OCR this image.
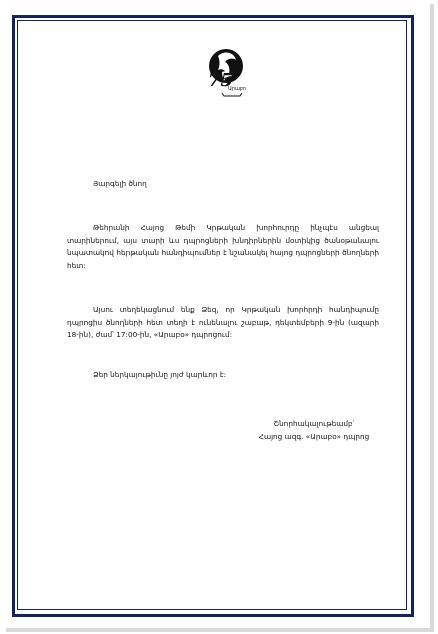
75
Արաբո
Յարգելի ծնող
Թեհրանի Հայոց Թեմի Կրթական խորհուրդը ինչպէս անցեալ տարիներում, այս տարի ևս դպրոցների խնդիրներին մօտիկից ծանօթանալու նպատակով հերթական հանդիպումներ է նշանակել հայոց դպրոցների ծնողների հետ:
Այսու տեղեկացնում ենք Ձեզ, որ Կրթական խորհրդի հանդիպումը դպրոցիս ծնողների հետ տեղի է ունենալու շաբաթ, դեկտեմբերի 9-ին (ազարի 18-ին), ժամ՝ 17:00-ին, «Արաբօ» դպրոցում:
Ձեր ներկայութիւնը յոյժ կարևոր է:
Շնորհակալութեամբ՝
Հայոց ազգ. «Արաբօ» դպրոց
